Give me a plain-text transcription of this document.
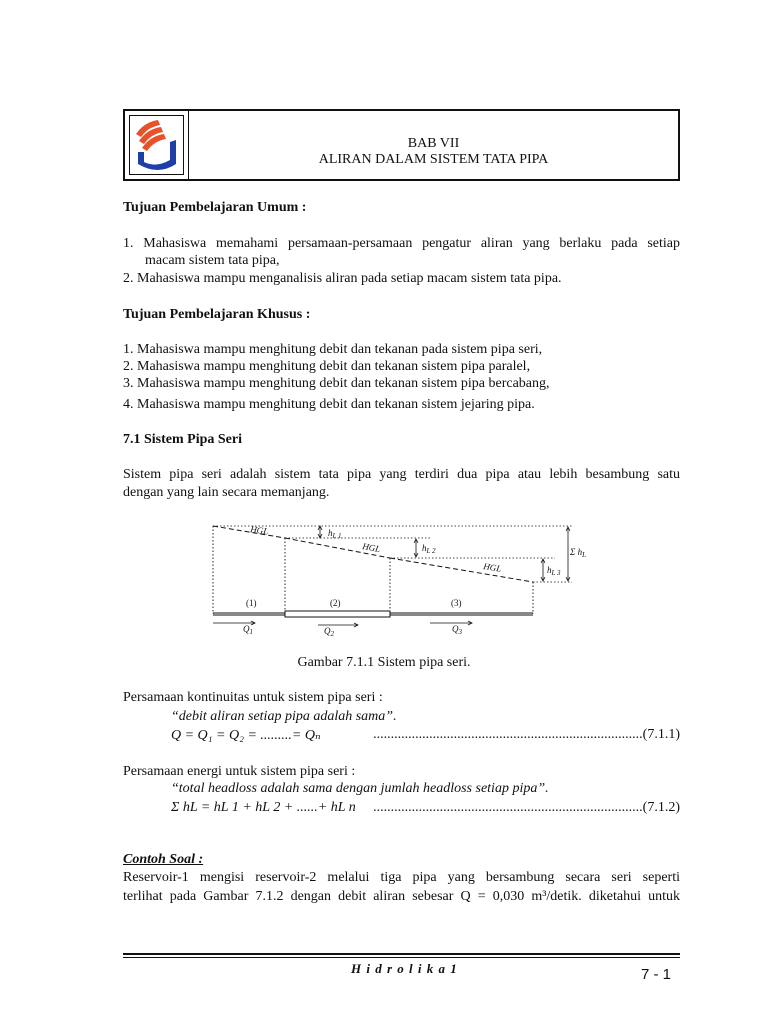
BAB VII
ALIRAN DALAM SISTEM TATA PIPA
Tujuan Pembelajaran Umum :
1. Mahasiswa memahami persamaan-persamaan pengatur aliran yang berlaku pada setiap
macam sistem tata pipa,
2. Mahasiswa mampu menganalisis aliran pada setiap macam sistem tata pipa.
Tujuan Pembelajaran Khusus :
1. Mahasiswa mampu menghitung debit dan tekanan pada sistem pipa seri,
2. Mahasiswa mampu menghitung debit dan tekanan sistem pipa paralel,
3. Mahasiswa mampu menghitung debit dan tekanan sistem pipa bercabang,
4. Mahasiswa mampu menghitung debit dan tekanan sistem jejaring pipa.
7.1 Sistem Pipa Seri
Sistem pipa seri adalah sistem tata pipa yang terdiri dua pipa atau lebih besambung satu
dengan yang lain secara memanjang.
HGL
HGL
HGL
$h_{L 1}$
$h_{L 2}$
$h_{L 3}$
Σ $h_L$
(1)	(2)	(3)
$Q_1$	$Q_2$	$Q_3$
Gambar 7.1.1 Sistem pipa seri.
Persamaan kontinuitas untuk sistem pipa seri :
“debit aliran setiap pipa adalah sama”.
Q = Q₁ = Q₂ = .........= Qₙ	.............................................................................(7.1.1)
Persamaan energi untuk sistem pipa seri :
“total headloss adalah sama dengan jumlah headloss setiap pipa”.
Σ hL = hL 1 + hL 2 + ......+ hL n .............................................................................(7.1.2)
Contoh Soal :
Reservoir-1 mengisi reservoir-2 melalui tiga pipa yang bersambung secara seri seperti
terlihat pada Gambar 7.1.2 dengan debit aliran sebesar Q = 0,030 m³/detik. diketahui untuk
H i d r o l i k a 1	7 - 1
